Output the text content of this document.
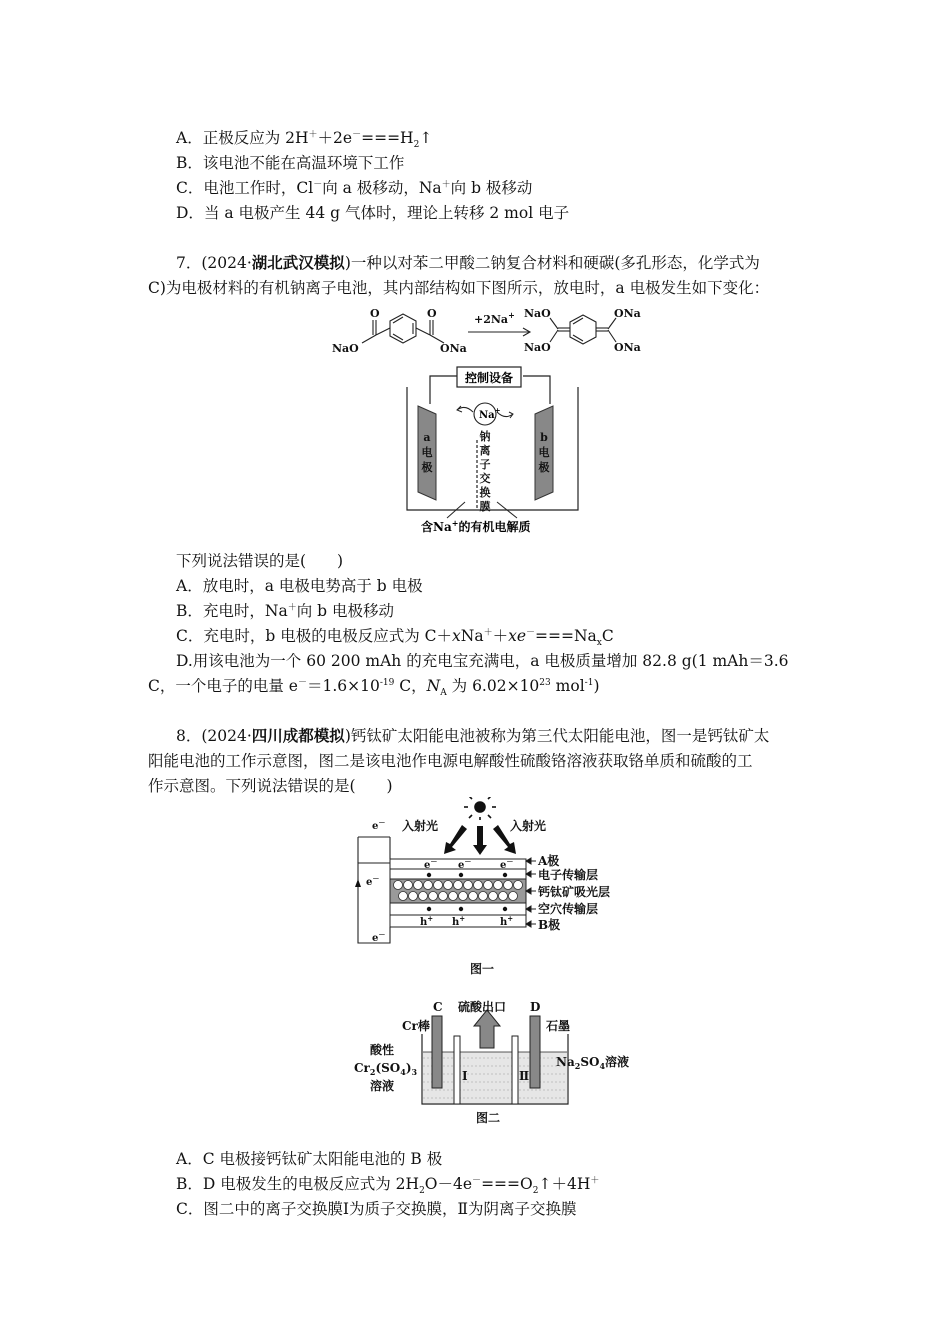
A．正极反应为 $2H^++2e^-===H_2↑$
B．该电池不能在高温环境下工作
C．电池工作时，Cl－向 a 极移动，Na＋向 b 极移动
D．当 a 电极产生 44 g 气体时，理论上转移 2 mol 电子
7．(2024·湖北武汉模拟)一种以对苯二甲酸二钠复合材料和硬碳(多孔形态，化学式为
C)为电极材料的有机钠离子电池，其内部结构如下图所示，放电时，a 电极发生如下变化：
O	O
NaO	ONa
+2Na+ NaO
NaO
ONa
ONa
控制设备
a
电
极
b
电
极
Na+
钠
离
子
交
换
膜
含Na+的有机电解质
下列说法错误的是(　　)
A．放电时，a 电极电势高于 b 电极
B．充电时，Na＋向 b 电极移动
C．充电时，b 电极的电极反应式为 $C+xNa^++xe^-===Na_xC$
D.用该电池为一个 60 200 mAh 的充电宝充满电，a 电极质量增加 82.8 g(1 mAh＝3.6
C，一个电子的电量 $e^-=1.6\times 10^{-19}$ C，$N_A$ 为 $6.02\times 10^{23}$ mol$^{-1}$)
8．(2024·四川成都模拟)钙钛矿太阳能电池被称为第三代太阳能电池，图一是钙钛矿太
阳能电池的工作示意图，图二是该电池作电源电解酸性硫酸铬溶液获取铬单质和硫酸的工
作示意图。下列说法错误的是(　　)
入射光	入射光
e－ e－	e－
h+ h+	h+
e－
e－
e－
A极
电子传输层
钙钛矿吸光层
空穴传输层
B极
图一
C	D
硫酸出口
Cr棒	石墨
酸性
$Cr_2(SO_4)_3$
溶液
$Na_2SO_4$溶液
Ⅰ	Ⅱ
图二
A．C 电极接钙钛矿太阳能电池的 B 极
B．D 电极发生的电极反应式为 $2H_2O-4e^-===O_2↑+4H^+$
C．图二中的离子交换膜Ⅰ为质子交换膜，Ⅱ为阴离子交换膜
